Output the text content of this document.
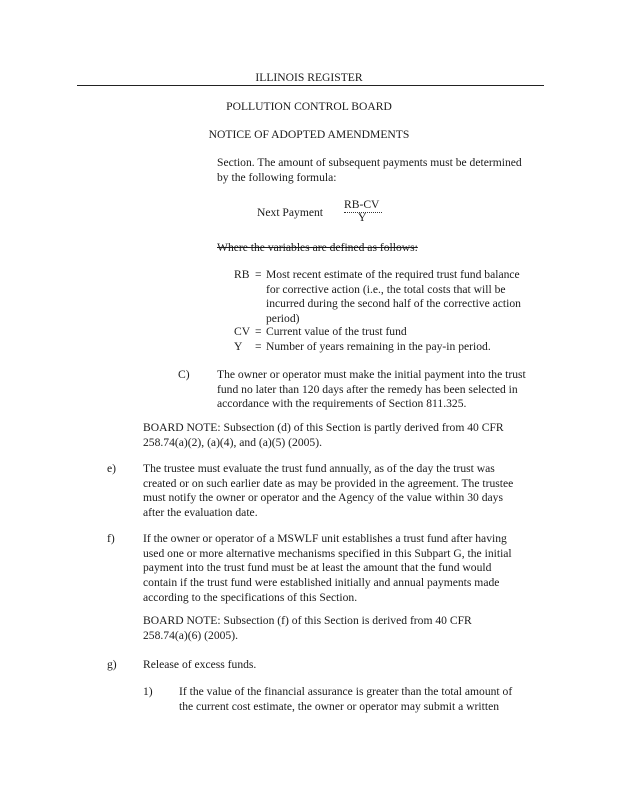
ILLINOIS REGISTER
POLLUTION CONTROL BOARD
NOTICE OF ADOPTED AMENDMENTS
Section. The amount of subsequent payments must be determined
by the following formula:
Next Payment
RB-CV
Y
Where the variables are defined as follows:
RB = Most recent estimate of the required trust fund balance
for corrective action (i.e., the total costs that will be
incurred during the second half of the corrective action
period)
CV = Current value of the trust fund
Y = Number of years remaining in the pay-in period.
C) The owner or operator must make the initial payment into the trust
fund no later than 120 days after the remedy has been selected in
accordance with the requirements of Section 811.325.
BOARD NOTE: Subsection (d) of this Section is partly derived from 40 CFR
258.74(a)(2), (a)(4), and (a)(5) (2005).
e) The trustee must evaluate the trust fund annually, as of the day the trust was
created or on such earlier date as may be provided in the agreement. The trustee
must notify the owner or operator and the Agency of the value within 30 days
after the evaluation date.
f) If the owner or operator of a MSWLF unit establishes a trust fund after having
used one or more alternative mechanisms specified in this Subpart G, the initial
payment into the trust fund must be at least the amount that the fund would
contain if the trust fund were established initially and annual payments made
according to the specifications of this Section.
BOARD NOTE: Subsection (f) of this Section is derived from 40 CFR
258.74(a)(6) (2005).
g) Release of excess funds.
1) If the value of the financial assurance is greater than the total amount of
the current cost estimate, the owner or operator may submit a written
